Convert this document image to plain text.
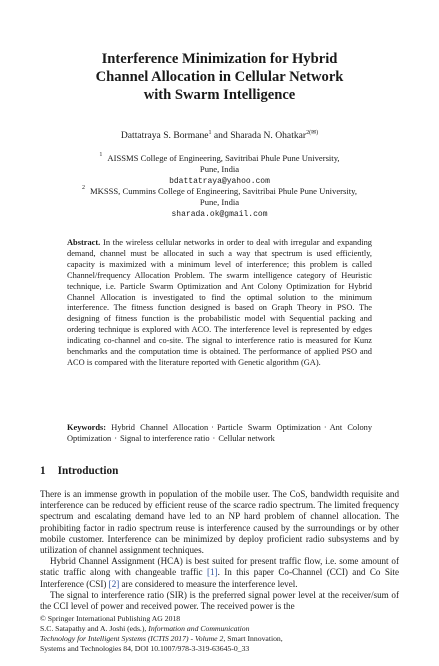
Interference Minimization for Hybrid
Channel Allocation in Cellular Network
with Swarm Intelligence
Dattatraya S. Bormane$^1$ and Sharada N. Ohatkar$^{2(✉)}$
$^1$ AISSMS College of Engineering, Savitribai Phule Pune University,
Pune, India
bdattatraya@yahoo.com
$^2$ MKSSS, Cummins College of Engineering, Savitribai Phule Pune University,
Pune, India
sharada.ok@gmail.com
Abstract. In the wireless cellular networks in order to deal with irregular and expanding demand, channel must be allocated in such a way that spectrum is used efficiently, capacity is maximized with a minimum level of interference; this problem is called Channel/frequency Allocation Problem. The swarm intelligence category of Heuristic technique, i.e. Particle Swarm Optimization and Ant Colony Optimization for Hybrid Channel Allocation is investigated to find the optimal solution to the minimum interference. The fitness function designed is based on Graph Theory in PSO. The designing of fitness function is the probabilistic model with Sequential packing and ordering technique is explored with ACO. The interference level is represented by edges indicating co-channel and co-site. The signal to interference ratio is measured for Kunz benchmarks and the computation time is obtained. The performance of applied PSO and ACO is compared with the literature reported with Genetic algorithm (GA).
Keywords: Hybrid Channel Allocation · Particle Swarm Optimization · Ant Colony Optimization · Signal to interference ratio · Cellular network
1 Introduction

There is an immense growth in population of the mobile user. The CoS, bandwidth requisite and interference can be reduced by efficient reuse of the scarce radio spectrum. The limited frequency spectrum and escalating demand have led to an NP hard problem of channel allocation. The prohibiting factor in radio spectrum reuse is interference caused by the surroundings or by other mobile customer. Interference can be minimized by deploy proficient radio subsystems and by utilization of channel assignment techniques.

Hybrid Channel Assignment (HCA) is best suited for present traffic flow, i.e. some amount of static traffic along with changeable traffic [1]. In this paper Co-Channel (CCI) and Co Site Interference (CSI) [2] are considered to measure the interference level.

The signal to interference ratio (SIR) is the preferred signal power level at the receiver/sum of the CCI level of power and received power. The received power is the

© Springer International Publishing AG 2018
S.C. Satapathy and A. Joshi (eds.), Information and Communication
Technology for Intelligent Systems (ICTIS 2017) - Volume 2, Smart Innovation,
Systems and Technologies 84, DOI 10.1007/978-3-319-63645-0_33
